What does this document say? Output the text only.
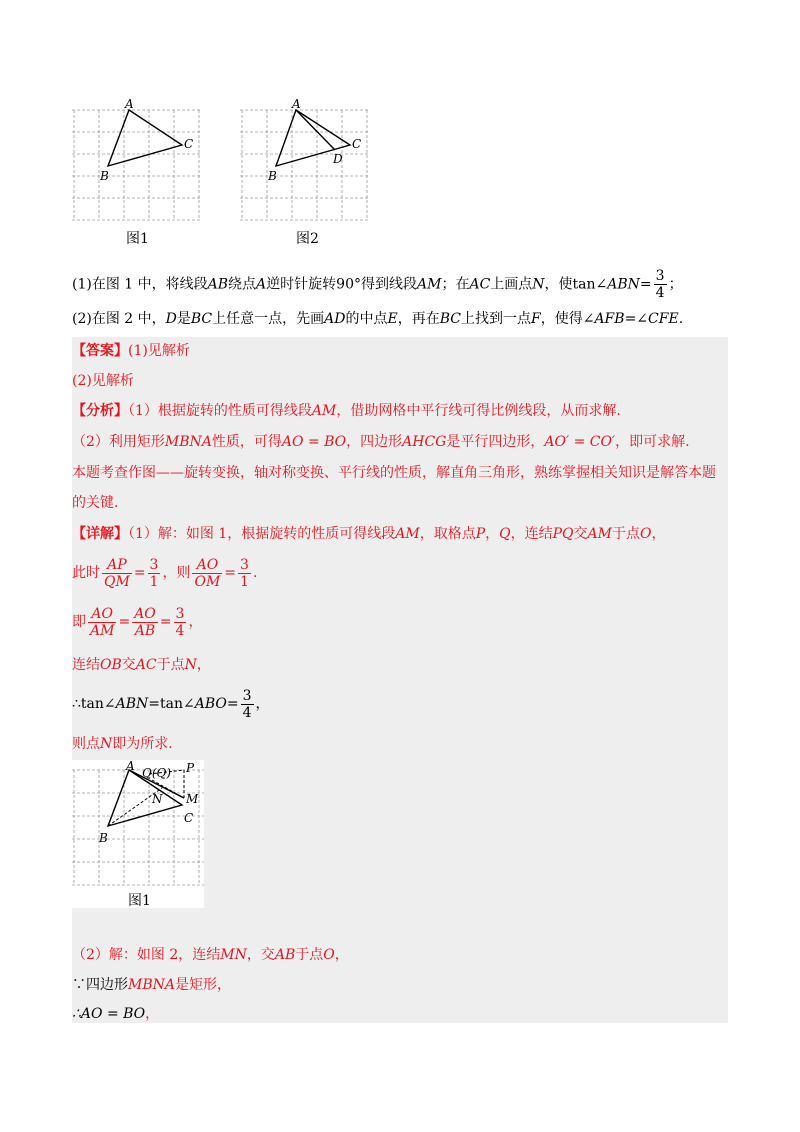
A
C
B
图1
A
C
D
B
图2
(1)在图 1 中，将线段AB绕点A逆时针旋转90°得到线段AM；在AC上画点N，使tan∠ABN= $\frac{3}{4}$ ；
(2)在图 2 中，D是BC上任意一点，先画AD的中点E，再在BC上找到一点F，使得∠AFB=∠CFE.
【答案】(1)见解析
(2)见解析
【分析】（1）根据旋转的性质可得线段AM，借助网格中平行线可得比例线段，从而求解.
（2）利用矩形MBNA性质，可得AO = BO，四边形AHCG是平行四边形，AO′ = CO′，即可求解.
本题考查作图——旋转变换，轴对称变换、平行线的性质，解直角三角形，熟练掌握相关知识是解答本题
的关键.
【详解】（1）解：如图 1，根据旋转的性质可得线段AM，取格点P，Q，连结PQ交AM于点O，
此时 $\frac{AP}{QM} = \frac{3}{1}$ ，则 $\frac{AO}{OM} = \frac{3}{1}$ .
即 $\frac{AO}{AM} = \frac{AO}{AB} = \frac{3}{4}$ ，
连结OB交AC于点N，
∴tan∠ABN=tan∠ABO= $\frac{3}{4}$ ，
则点N即为所求.
A Q(Q) P
M
N
C
B
图1
（2）解：如图 2，连结MN，交AB于点O，
∵四边形MBNA是矩形，
∴AO = BO，
